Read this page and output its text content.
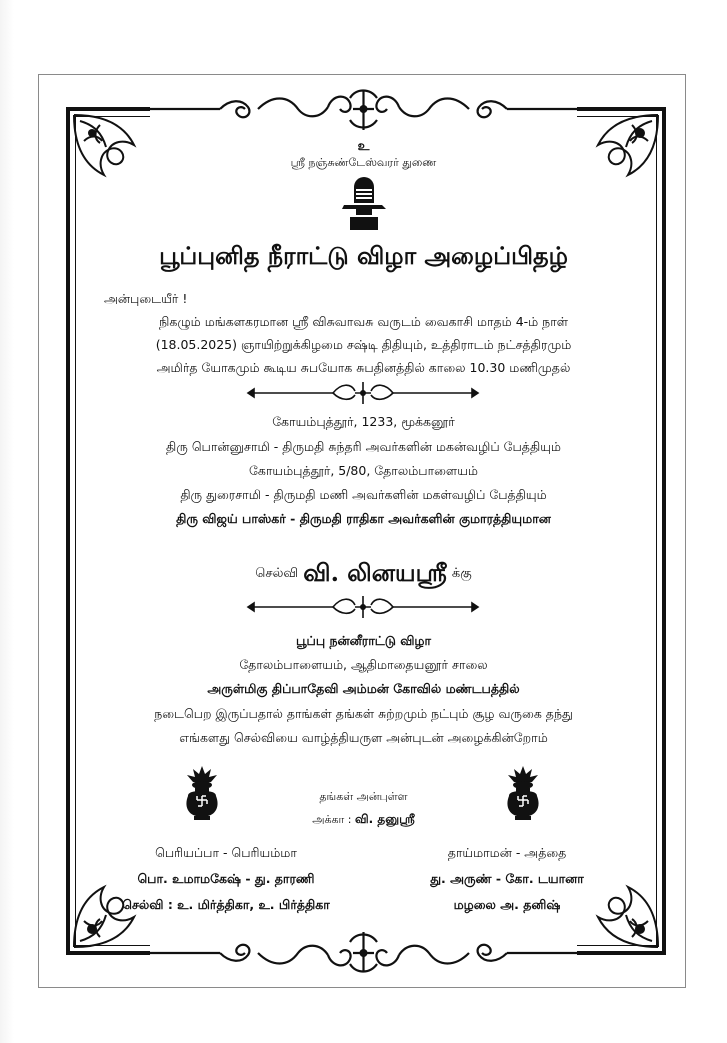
உ
ஸ்ரீ நஞ்சுண்டேஸ்வரர் துணை
பூப்புனித நீராட்டு விழா அழைப்பிதழ்
அன்புடையீர் !
நிகழும் மங்களகரமான ஸ்ரீ விசுவாவசு வருடம் வைகாசி மாதம் 4-ம் நாள்
(18.05.2025) ஞாயிற்றுக்கிழமை சஷ்டி திதியும், உத்திராடம் நட்சத்திரமும்
அமிர்த யோகமும் கூடிய சுபயோக சுபதினத்தில் காலை 10.30 மணிமுதல்
கோயம்புத்தூர், 1233, மூக்கனூர்
திரு பொன்னுசாமி - திருமதி சுந்தரி அவர்களின் மகன்வழிப் பேத்தியும்
கோயம்புத்தூர், 5/80, தோலம்பாளையம்
திரு துரைசாமி - திருமதி மணி அவர்களின் மகள்வழிப் பேத்தியும்
திரு விஜய் பாஸ்கர் - திருமதி ராதிகா அவர்களின் குமாரத்தியுமான
செல்வி வி. லினயஸ்ரீ க்கு
பூப்பு நன்னீராட்டு விழா
தோலம்பாளையம், ஆதிமாதையனூர் சாலை
அருள்மிகு திப்பாதேவி அம்மன் கோவில் மண்டபத்தில்
நடைபெற இருப்பதால் தாங்கள் தங்கள் சுற்றமும் நட்பும் சூழ வருகை தந்து
எங்களது செல்வியை வாழ்த்தியருள அன்புடன் அழைக்கின்றோம்
தங்கள் அன்புள்ள
அக்கா : வி. தனுஸ்ரீ
பெரியப்பா - பெரியம்மா
பொ. உமாமகேஷ் - து. தாரணி
செல்வி : உ. மிர்த்திகா, உ. பிர்த்திகா
தாய்மாமன் - அத்தை
து. அருண் - கோ. டயானா
மழலை அ. தனிஷ்
